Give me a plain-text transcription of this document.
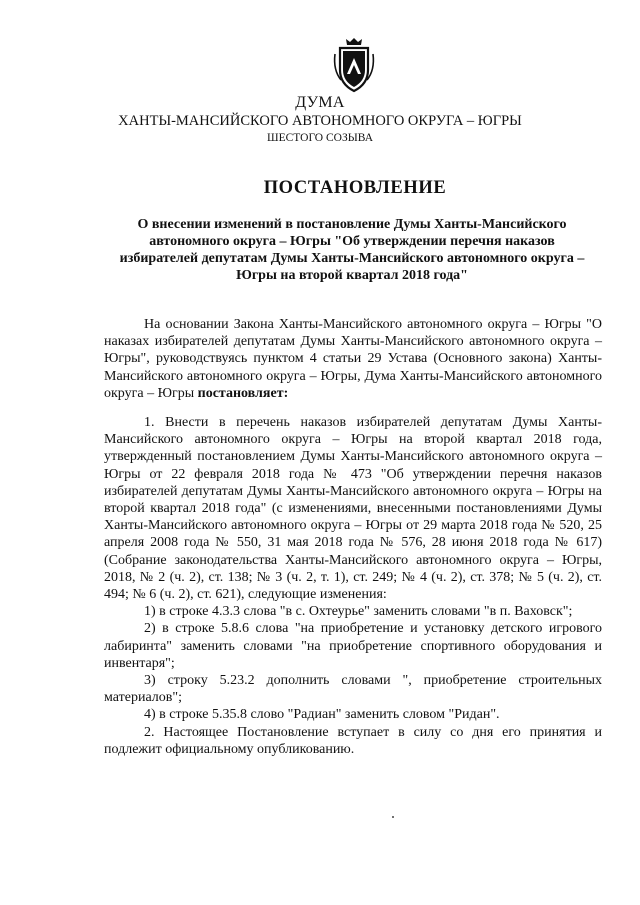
ДУМА
ХАНТЫ-МАНСИЙСКОГО АВТОНОМНОГО ОКРУГА – ЮГРЫ
ШЕСТОГО СОЗЫВА
ПОСТАНОВЛЕНИЕ
О внесении изменений в постановление Думы Ханты-Мансийского автономного округа – Югры "Об утверждении перечня наказов избирателей депутатам Думы Ханты-Мансийского автономного округа – Югры на второй квартал 2018 года"

На основании Закона Ханты-Мансийского автономного округа – Югры "О наказах избирателей депутатам Думы Ханты-Мансийского автономного округа – Югры", руководствуясь пунктом 4 статьи 29 Устава (Основного закона) Ханты-Мансийского автономного округа – Югры, Дума Ханты-Мансийского автономного округа – Югры постановляет:

1. Внести в перечень наказов избирателей депутатам Думы Ханты-Мансийского автономного округа – Югры на второй квартал 2018 года, утвержденный постановлением Думы Ханты-Мансийского автономного округа – Югры от 22 февраля 2018 года № 473 "Об утверждении перечня наказов избирателей депутатам Думы Ханты-Мансийского автономного округа – Югры на второй квартал 2018 года" (с изменениями, внесенными постановлениями Думы Ханты-Мансийского автономного округа – Югры от 29 марта 2018 года № 520, 25 апреля 2008 года № 550, 31 мая 2018 года № 576, 28 июня 2018 года № 617) (Собрание законодательства Ханты-Мансийского автономного округа – Югры, 2018, № 2 (ч. 2), ст. 138; № 3 (ч. 2, т. 1), ст. 249; № 4 (ч. 2), ст. 378; № 5 (ч. 2), ст. 494; № 6 (ч. 2), ст. 621), следующие изменения:

1) в строке 4.3.3 слова "в с. Охтеурье" заменить словами "в п. Ваховск";

2) в строке 5.8.6 слова "на приобретение и установку детского игрового лабиринта" заменить словами "на приобретение спортивного оборудования и инвентаря";

3) строку 5.23.2 дополнить словами ", приобретение строительных материалов";

4) в строке 5.35.8 слово "Радиан" заменить словом "Ридан".

2. Настоящее Постановление вступает в силу со дня его принятия и подлежит официальному опубликованию.
